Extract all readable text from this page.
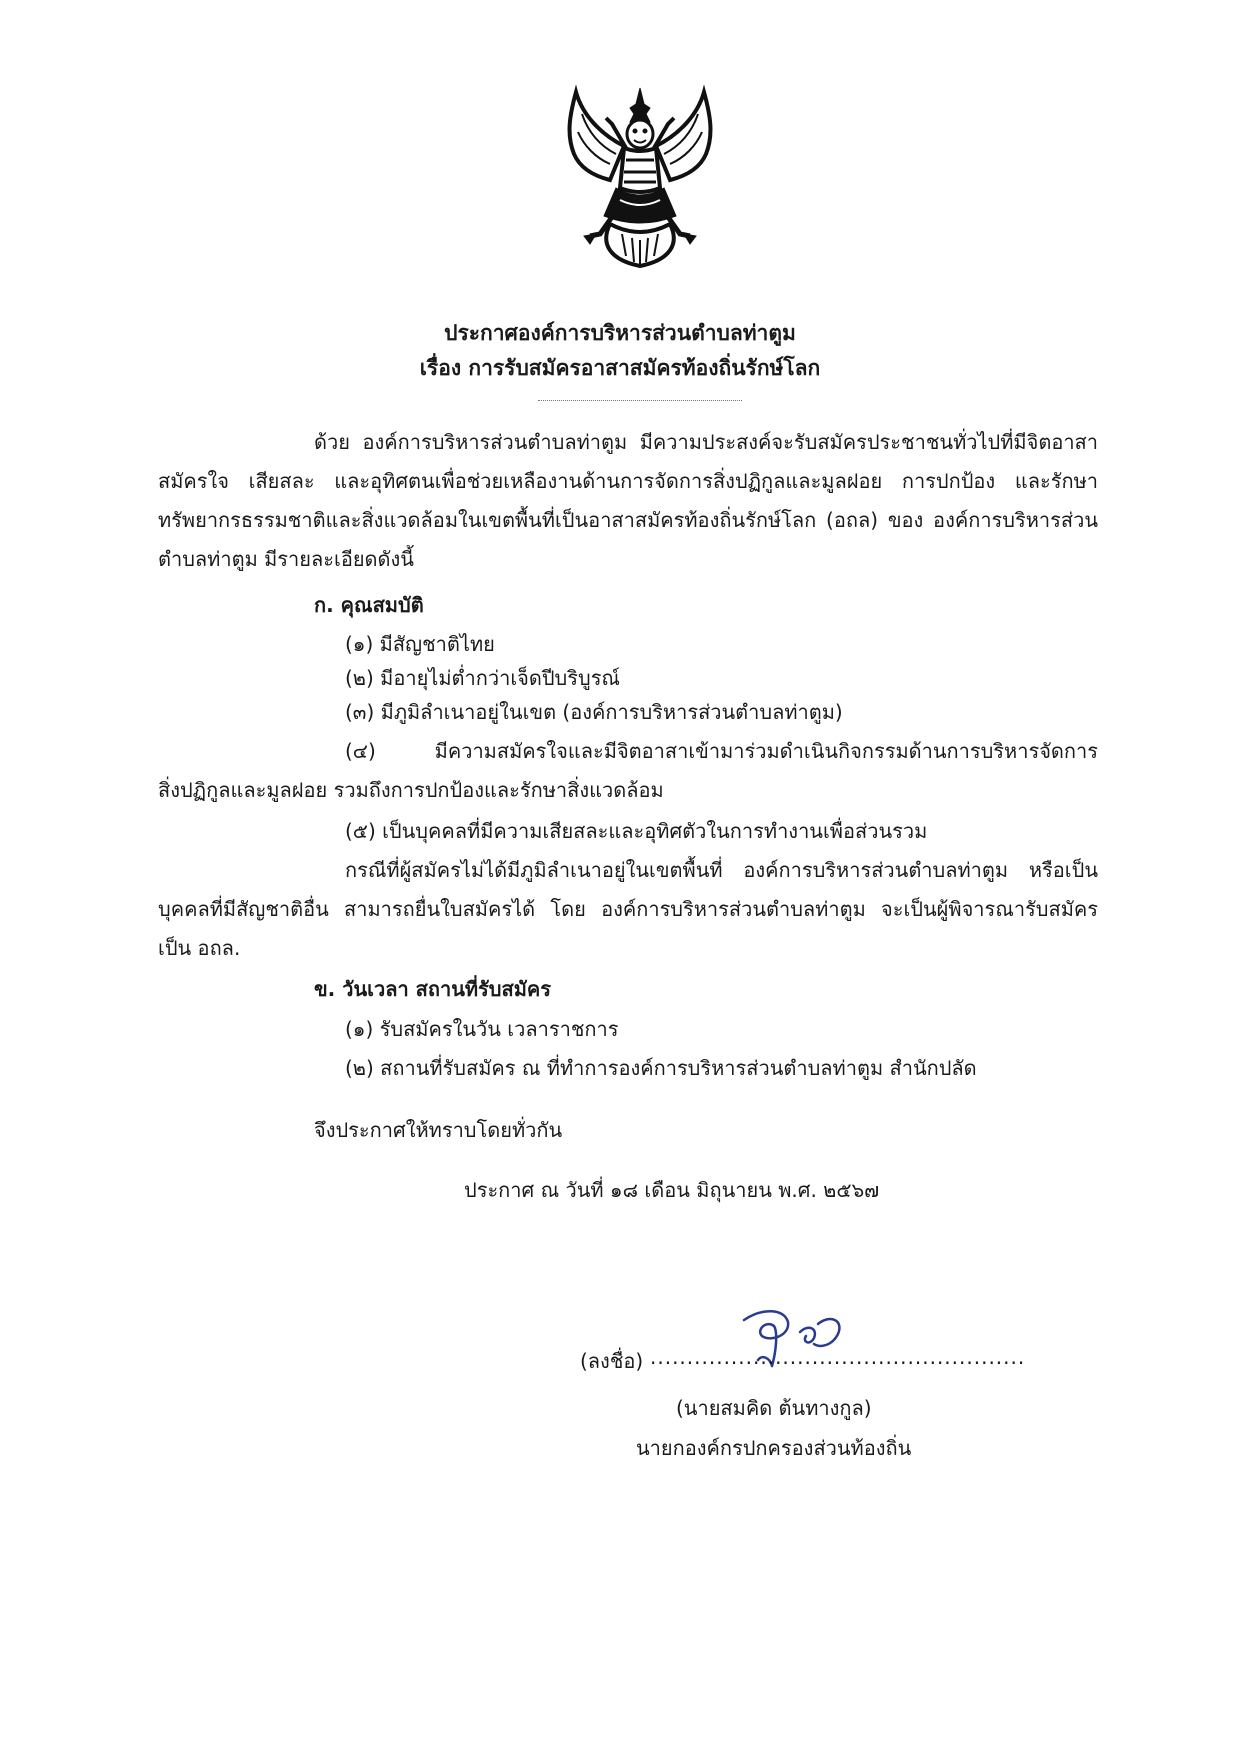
ประกาศองค์การบริหารส่วนตำบลท่าตูม
เรื่อง การรับสมัครอาสาสมัครท้องถิ่นรักษ์โลก
ด้วย องค์การบริหารส่วนตำบลท่าตูม มีความประสงค์จะรับสมัครประชาชนทั่วไปที่มีจิตอาสา
สมัครใจ เสียสละ และอุทิศตนเพื่อช่วยเหลืองานด้านการจัดการสิ่งปฏิกูลและมูลฝอย การปกป้อง และรักษา
ทรัพยากรธรรมชาติและสิ่งแวดล้อมในเขตพื้นที่เป็นอาสาสมัครท้องถิ่นรักษ์โลก (อถล) ของ องค์การบริหารส่วน
ตำบลท่าตูม มีรายละเอียดดังนี้
ก. คุณสมบัติ
(๑) มีสัญชาติไทย
(๒) มีอายุไม่ต่ำกว่าเจ็ดปีบริบูรณ์
(๓) มีภูมิลำเนาอยู่ในเขต (องค์การบริหารส่วนตำบลท่าตูม)
(๔) มีความสมัครใจและมีจิตอาสาเข้ามาร่วมดำเนินกิจกรรมด้านการบริหารจัดการ
สิ่งปฏิกูลและมูลฝอย รวมถึงการปกป้องและรักษาสิ่งแวดล้อม
(๕) เป็นบุคคลที่มีความเสียสละและอุทิศตัวในการทำงานเพื่อส่วนรวม
กรณีที่ผู้สมัครไม่ได้มีภูมิลำเนาอยู่ในเขตพื้นที่ องค์การบริหารส่วนตำบลท่าตูม หรือเป็น
บุคคลที่มีสัญชาติอื่น สามารถยื่นใบสมัครได้ โดย องค์การบริหารส่วนตำบลท่าตูม จะเป็นผู้พิจารณารับสมัคร
เป็น อถล.
ข. วันเวลา สถานที่รับสมัคร
(๑) รับสมัครในวัน เวลาราชการ
(๒) สถานที่รับสมัคร ณ ที่ทำการองค์การบริหารส่วนตำบลท่าตูม สำนักปลัด
จึงประกาศให้ทราบโดยทั่วกัน
ประกาศ ณ วันที่ ๑๘ เดือน มิถุนายน พ.ศ. ๒๕๖๗
(ลงชื่อ) ...................................................
(นายสมคิด ต้นทางกูล)
นายกองค์กรปกครองส่วนท้องถิ่น
